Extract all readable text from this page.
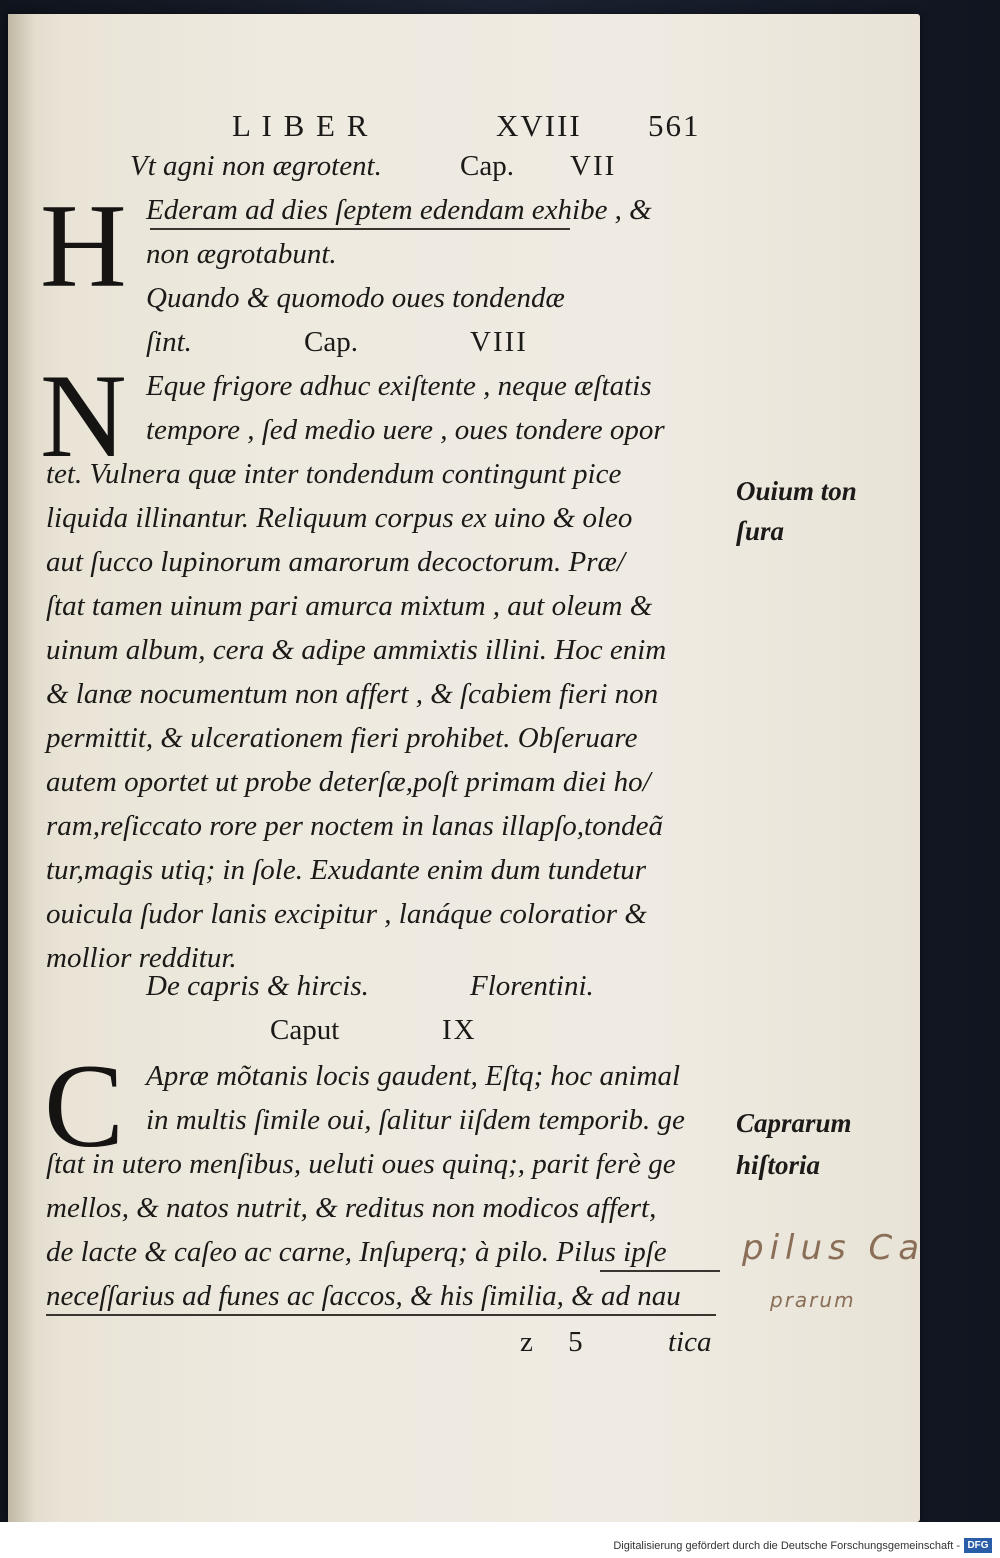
L I B E R	XVIII 561
Vt agni non ægrotent.	Cap. VII
H Ederam ad dies ſeptem edendam exhibe , &
non ægrotabunt.
Quando & quomodo oues tondendæ
ſint.	Cap.	VIII
N Eque frigore adhuc exiſtente , neque æſtatis
tempore , ſed medio uere , oues tondere opor
tet. Vulnera quæ inter tondendum contingunt pice
liquida illinantur. Reliquum corpus ex uino & oleo
aut ſucco lupinorum amarorum decoctorum. Præ/
ſtat tamen uinum pari amurca mixtum , aut oleum &
uinum album, cera & adipe ammixtis illini. Hoc enim
& lanæ nocumentum non affert , & ſcabiem fieri non
permittit, & ulcerationem fieri prohibet. Obſeruare
autem oportet ut probe deterſæ,poſt primam diei ho/
ram,reſiccato rore per noctem in lanas illapſo,tondeã
tur,magis utiq; in ſole. Exudante enim dum tundetur
ouicula ſudor lanis excipitur , lanáque coloratior &
mollior redditur.
Ouium ton
ſura
De capris & hircis.	Florentini.
Caput	IX
C Apræ mõtanis locis gaudent, Eſtq; hoc animal
in multis ſimile oui, ſalitur iiſdem temporib. ge
ſtat in utero menſibus, ueluti oues quinq;, parit ferè ge
mellos, & natos nutrit, & reditus non modicos affert,
de lacte & caſeo ac carne, Inſuperq; à pilo. Pilus ipſe
neceſſarius ad funes ac ſaccos, & his ſimilia, & ad nau
Caprarum
hiſtoria
pilus Ca
prarum
z 5 tica
Digitalisierung gefördert durch die Deutsche Forschungsgemeinschaft - DFG
